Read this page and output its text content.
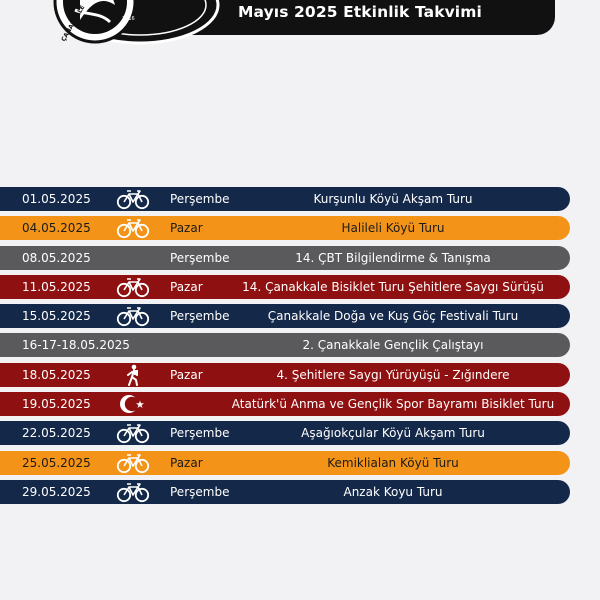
2016
ÇANAKKALE	Mayıs 2025 Etkinlik Takvimi
01.05.2025	Perşembe	Kurşunlu Köyü Akşam Turu
04.05.2025	Pazar	Halileli Köyü Turu
08.05.2025	Perşembe	14. ÇBT Bilgilendirme & Tanışma
11.05.2025	Pazar	14. Çanakkale Bisiklet Turu Şehitlere Saygı Sürüşü
15.05.2025	Perşembe	Çanakkale Doğa ve Kuş Göç Festivali Turu
16-17-18.05.2025	2. Çanakkale Gençlik Çalıştayı
18.05.2025	Pazar	4. Şehitlere Saygı Yürüyüşü - Zığındere
19.05.2025	Atatürk'ü Anma ve Gençlik Spor Bayramı Bisiklet Turu
22.05.2025	Perşembe	Aşağıokçular Köyü Akşam Turu
25.05.2025	Pazar	Kemiklialan Köyü Turu
29.05.2025	Perşembe	Anzak Koyu Turu
